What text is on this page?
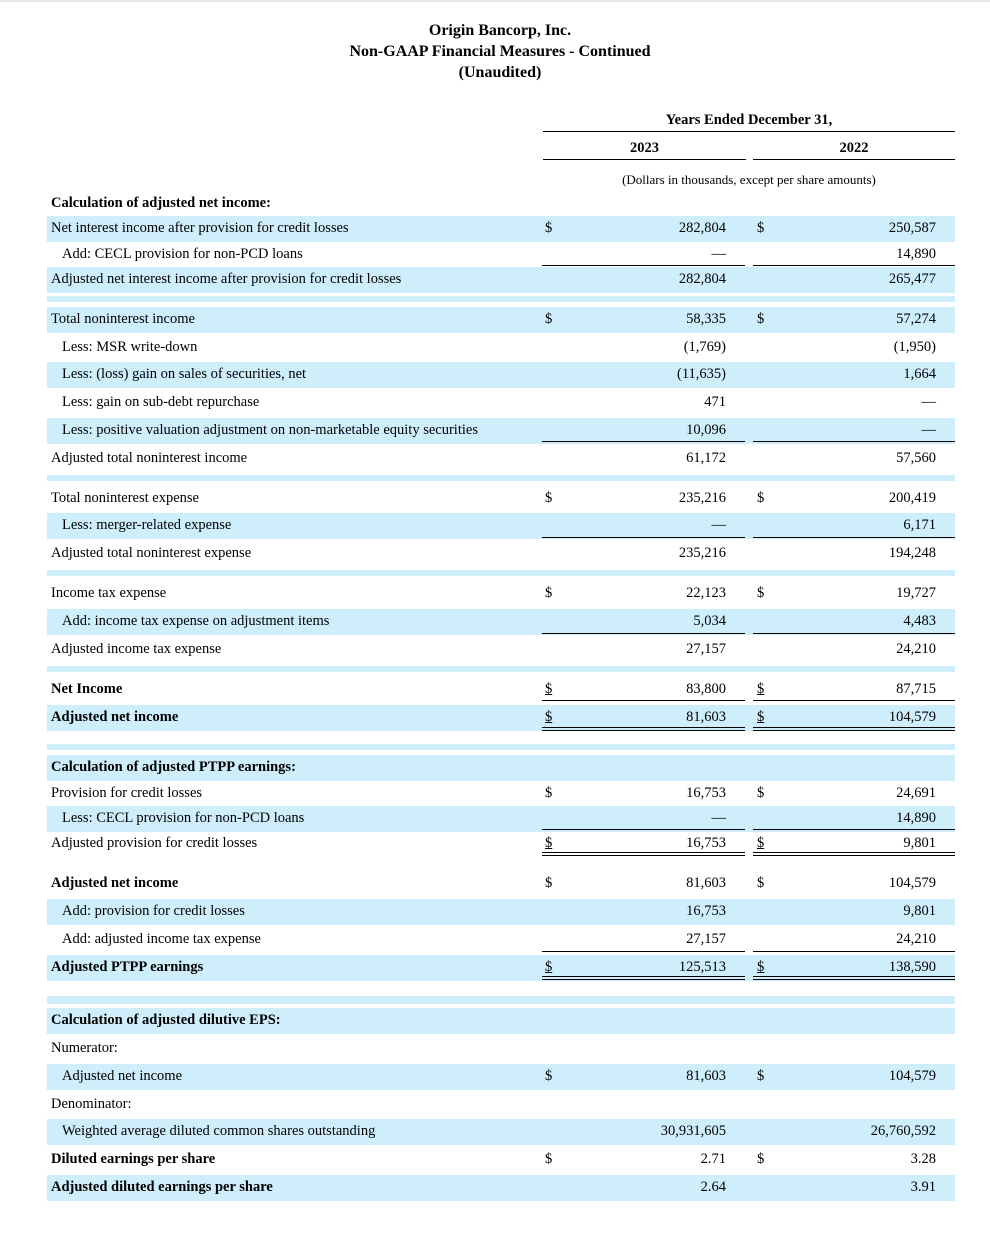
Origin Bancorp, Inc.
Non-GAAP Financial Measures - Continued
(Unaudited)
Years Ended December 31,
2023	2022
(Dollars in thousands, except per share amounts)
Calculation of adjusted net income:
Net interest income after provision for credit losses	$	282,804 $	250,587
Add: CECL provision for non-PCD loans	—	14,890
Adjusted net interest income after provision for credit losses	282,804	265,477
Total noninterest income	$	58,335 $	57,274
Less: MSR write-down	(1,769)	(1,950)
Less: (loss) gain on sales of securities, net	(11,635)	1,664
Less: gain on sub-debt repurchase	471	—
Less: positive valuation adjustment on non-marketable equity securities	10,096	—
Adjusted total noninterest income	61,172	57,560
Total noninterest expense	$	235,216 $	200,419
Less: merger-related expense	—	6,171
Adjusted total noninterest expense	235,216	194,248
Income tax expense	$	22,123 $	19,727
Add: income tax expense on adjustment items	5,034	4,483
Adjusted income tax expense	27,157	24,210
Net Income	$	83,800 $	87,715
Adjusted net income	$	81,603 $	104,579
Calculation of adjusted PTPP earnings:
Provision for credit losses	$	16,753 $	24,691
Less: CECL provision for non-PCD loans	—	14,890
Adjusted provision for credit losses	$	16,753 $	9,801
Adjusted net income	$	81,603 $	104,579
Add: provision for credit losses	16,753	9,801
Add: adjusted income tax expense	27,157	24,210
Adjusted PTPP earnings	$	125,513 $	138,590
Calculation of adjusted dilutive EPS:
Numerator:
Adjusted net income	$	81,603 $	104,579
Denominator:
Weighted average diluted common shares outstanding	30,931,605	26,760,592
Diluted earnings per share	$	2.71 $	3.28
Adjusted diluted earnings per share	2.64	3.91
